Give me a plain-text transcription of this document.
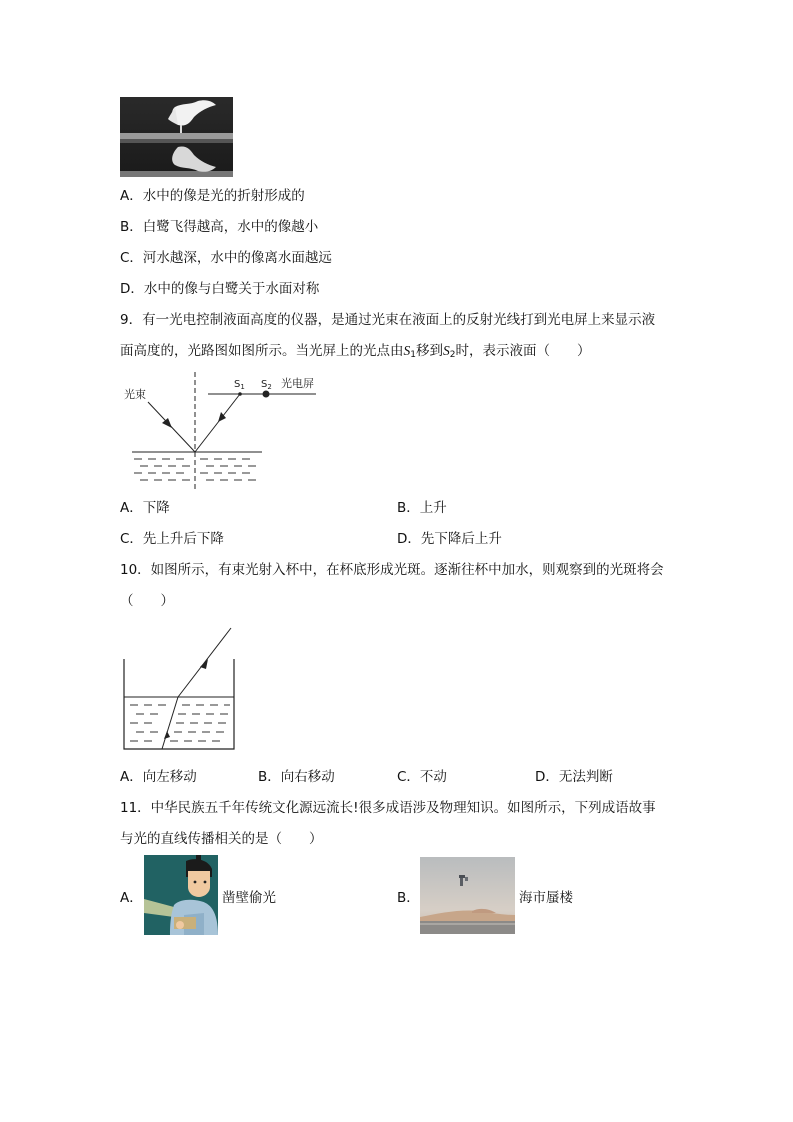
A．水中的像是光的折射形成的
B．白鹭飞得越高，水中的像越小
C．河水越深，水中的像离水面越远
D．水中的像与白鹭关于水面对称
9．有一光电控制液面高度的仪器，是通过光束在液面上的反射光线打到光电屏上来显示液
面高度的，光路图如图所示。当光屏上的光点由$S_1$移到$S_2$时，表示液面（　　）
光束
$S_1$ $S_2$ 光电屏
A．下降	B．上升
C．先上升后下降	D．先下降后上升
10．如图所示，有束光射入杯中，在杯底形成光斑。逐渐往杯中加水，则观察到的光斑将会
（　　）
A．向左移动	B．向右移动	C．不动	D．无法判断
11．中华民族五千年传统文化源远流长!很多成语涉及物理知识。如图所示，下列成语故事
与光的直线传播相关的是（　　）
A．	凿壁偷光	B．	海市蜃楼
